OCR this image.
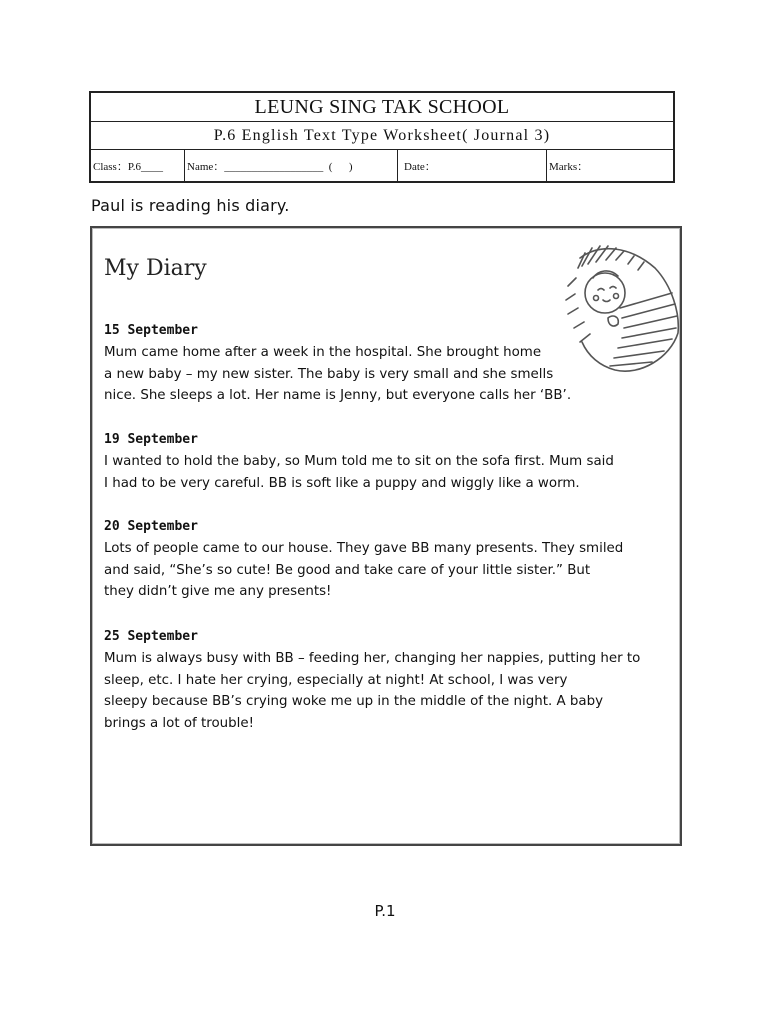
LEUNG SING TAK SCHOOL
P.6 English Text Type Worksheet( Journal 3)
Class：P.6____	Name：__________________  (      )	Date：	Marks：
Paul is reading his diary.
My Diary
15 September
Mum came home after a week in the hospital. She brought home
a new baby – my new sister. The baby is very small and she smells
nice. She sleeps a lot. Her name is Jenny, but everyone calls her ‘BB’.
19 September
I wanted to hold the baby, so Mum told me to sit on the sofa first. Mum said
I had to be very careful. BB is soft like a puppy and wiggly like a worm.
20 September
Lots of people came to our house. They gave BB many presents. They smiled
and said, “She’s so cute! Be good and take care of your little sister.” But
they didn’t give me any presents!
25 September
Mum is always busy with BB – feeding her, changing her nappies, putting her to
sleep, etc. I hate her crying, especially at night! At school, I was very
sleepy because BB’s crying woke me up in the middle of the night. A baby
brings a lot of trouble!
P.1
